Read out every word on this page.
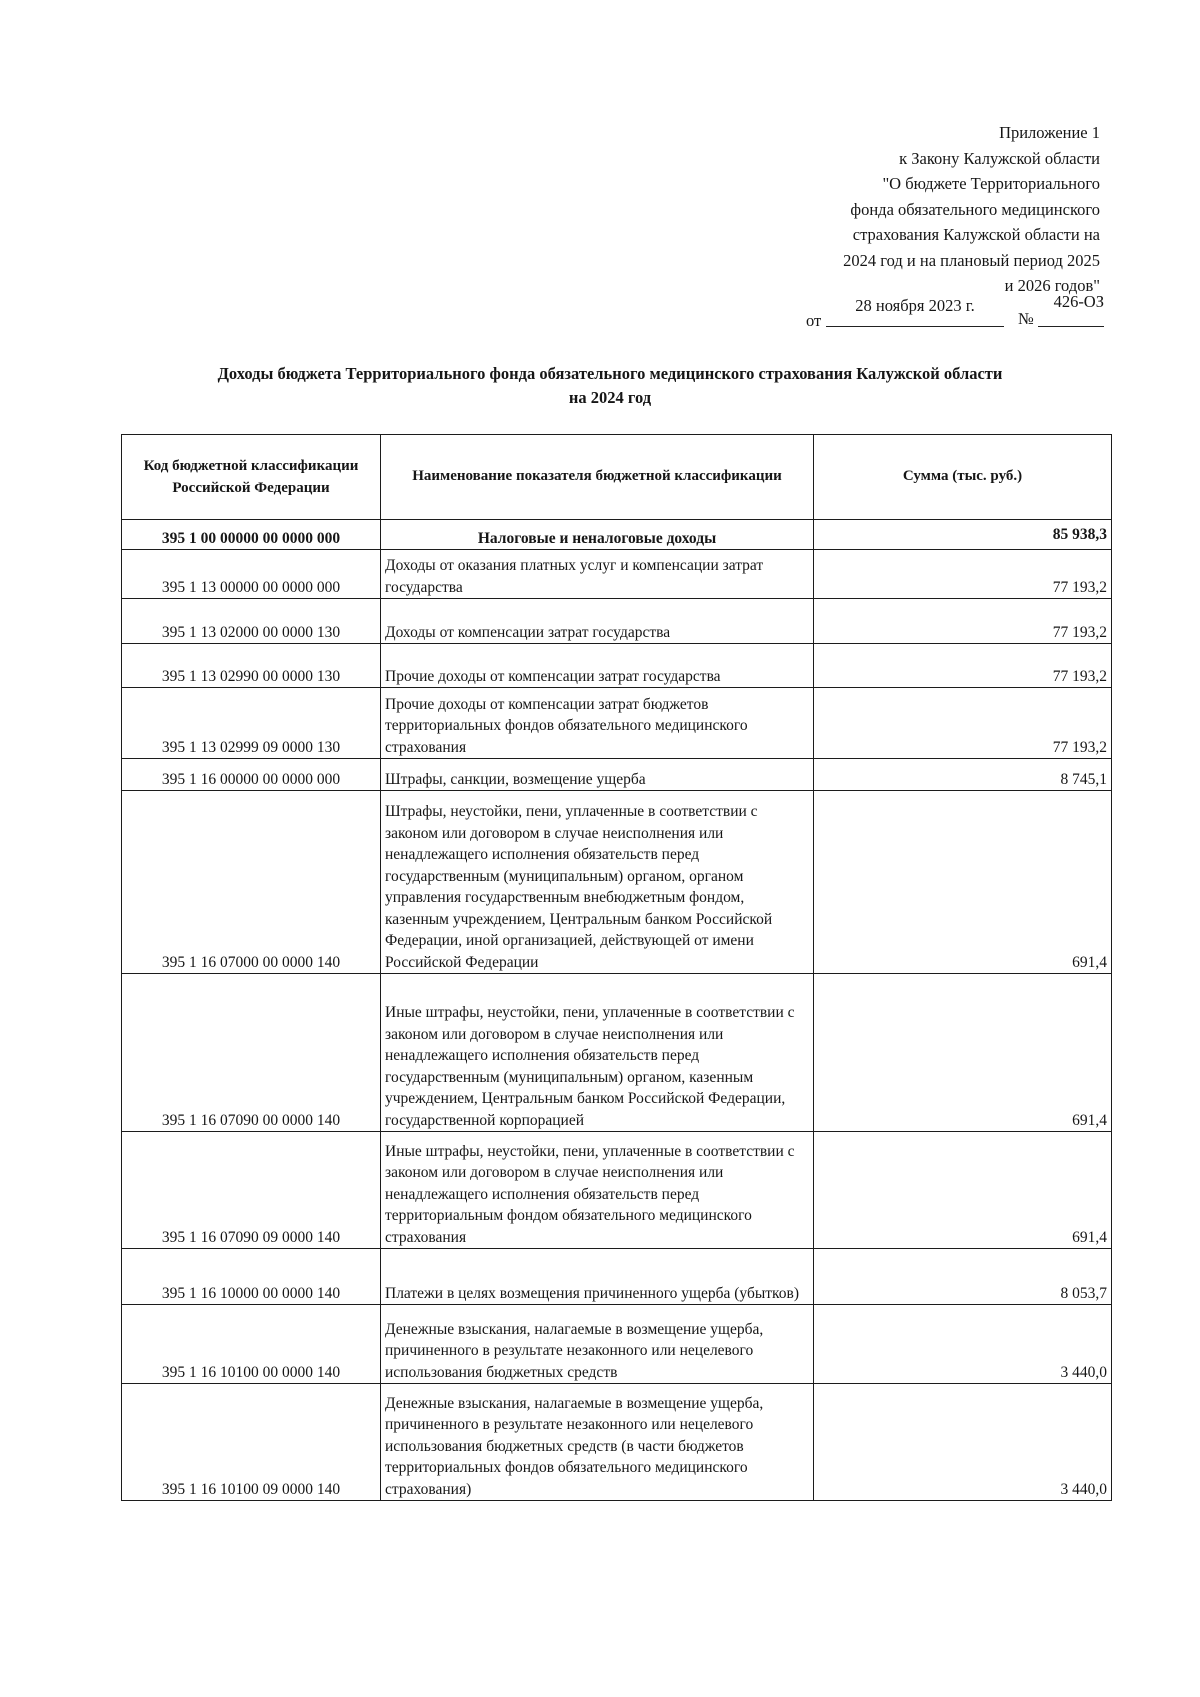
Приложение 1
к Закону Калужской области
"О бюджете Территориального
фонда обязательного медицинского
страхования Калужской области на
2024 год и на плановый период 2025
и 2026 годов"
от
28 ноября 2023 г.
№
426-ОЗ
Доходы бюджета Территориального фонда обязательного медицинского страхования Калужской области
на 2024 год
Код бюджетной классификации Российской Федерации	Наименование показателя бюджетной классификации	Сумма (тыс. руб.)
395 1 00 00000 00 0000 000	Налоговые и неналоговые доходы	85 938,3
395 1 13 00000 00 0000 000	Доходы от оказания платных услуг и компенсации затрат государства	77 193,2
395 1 13 02000 00 0000 130	Доходы от компенсации затрат государства	77 193,2
395 1 13 02990 00 0000 130	Прочие доходы от компенсации затрат государства	77 193,2
395 1 13 02999 09 0000 130	Прочие доходы от компенсации затрат бюджетов территориальных фондов обязательного медицинского страхования	77 193,2
395 1 16 00000 00 0000 000	Штрафы, санкции, возмещение ущерба	8 745,1
395 1 16 07000 00 0000 140	Штрафы, неустойки, пени, уплаченные в соответствии с законом или договором в случае неисполнения или ненадлежащего исполнения обязательств перед государственным (муниципальным) органом, органом управления государственным внебюджетным фондом, казенным учреждением, Центральным банком Российской Федерации, иной организацией, действующей от имени Российской Федерации	691,4
395 1 16 07090 00 0000 140	Иные штрафы, неустойки, пени, уплаченные в соответствии с законом или договором в случае неисполнения или ненадлежащего исполнения обязательств перед государственным (муниципальным) органом, казенным учреждением, Центральным банком Российской Федерации, государственной корпорацией	691,4
395 1 16 07090 09 0000 140	Иные штрафы, неустойки, пени, уплаченные в соответствии с законом или договором в случае неисполнения или ненадлежащего исполнения обязательств перед территориальным фондом обязательного медицинского страхования	691,4
395 1 16 10000 00 0000 140	Платежи в целях возмещения причиненного ущерба (убытков)	8 053,7
395 1 16 10100 00 0000 140	Денежные взыскания, налагаемые в возмещение ущерба, причиненного в результате незаконного или нецелевого использования бюджетных средств	3 440,0
395 1 16 10100 09 0000 140	Денежные взыскания, налагаемые в возмещение ущерба, причиненного в результате незаконного или нецелевого использования бюджетных средств (в части бюджетов территориальных фондов обязательного медицинского страхования)	3 440,0
